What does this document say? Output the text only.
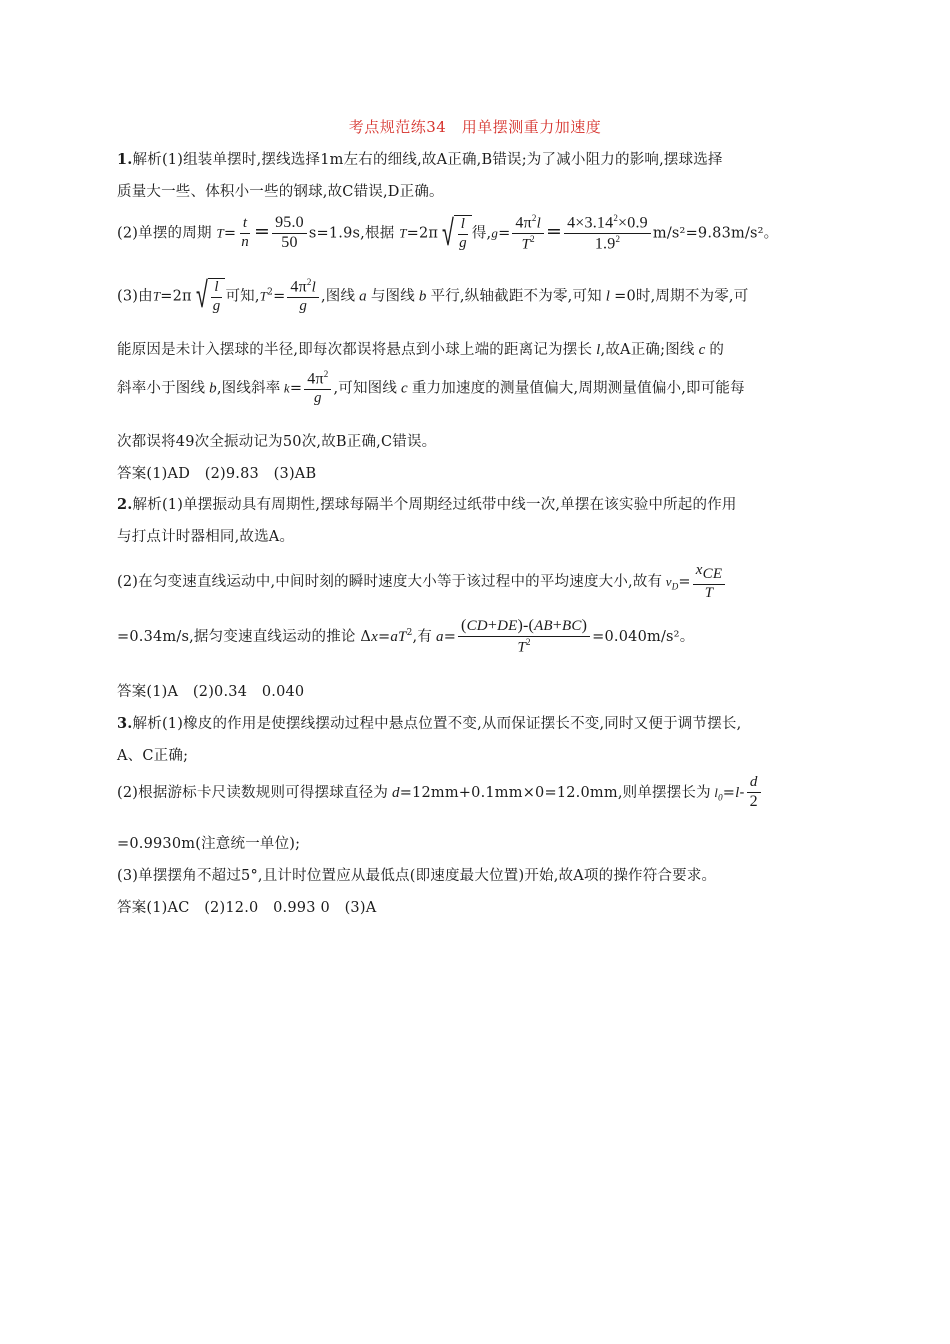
考点规范练34　用单摆测重力加速度
1.解析(1)组装单摆时,摆线选择1m左右的细线,故A正确,B错误;为了减小阻力的影响,摆球选择
质量大一些、体积小一些的钢球,故C错误,D正确。
(2)单摆的周期 $T= \frac{t}{n} = \frac{95.0}{50} s=1.9s$,根据 T=2π √ $\frac{l}{g}$ 得$,g= \frac{4\pi^2l}{T^2} = \frac{4\times 3.14^2\times 0.9}{1.9^2} m/s^2=9.83m/s^2$。
(3)由T=2π √ $\frac{l}{g}$ 可知$,T^2= \frac{4\pi^2l}{g}$ ,图线 a 与图线 b 平行,纵轴截距不为零,可知 l =0时,周期不为零,可
能原因是未计入摆球的半径,即每次都误将悬点到小球上端的距离记为摆长 l,故A正确;图线 c 的
斜率小于图线 b,图线斜率 $k= \frac{4\pi^2}{g}$ ,可知图线 c 重力加速度的测量值偏大,周期测量值偏小,即可能每
次都误将49次全振动记为50次,故B正确,C错误。
答案(1)AD　(2)9.83　(3)AB
2.解析(1)单摆振动具有周期性,摆球每隔半个周期经过纸带中线一次,单摆在该实验中所起的作用
与打点计时器相同,故选A。
(2)在匀变速直线运动中,中间时刻的瞬时速度大小等于该过程中的平均速度大小,故有 $v_D= \frac{x_{CE}}{T}$
=0.34m/s,据匀变速直线运动的推论 $\Delta x=aT^2$,有 $a= \frac{(CD+DE)-(AB+BC)}{T^2} =0.040m/s^2$。
答案(1)A　(2)0.34　0.040
3.解析(1)橡皮的作用是使摆线摆动过程中悬点位置不变,从而保证摆长不变,同时又便于调节摆长,
A、C正确;
(2)根据游标卡尺读数规则可得摆球直径为 d=12mm+0.1mm×0=12.0mm,则单摆摆长为 $l_0=l- \frac{d}{2}$
=0.9930m(注意统一单位);
(3)单摆摆角不超过5°,且计时位置应从最低点(即速度最大位置)开始,故A项的操作符合要求。
答案(1)AC　(2)12.0　0.993 0　(3)A
